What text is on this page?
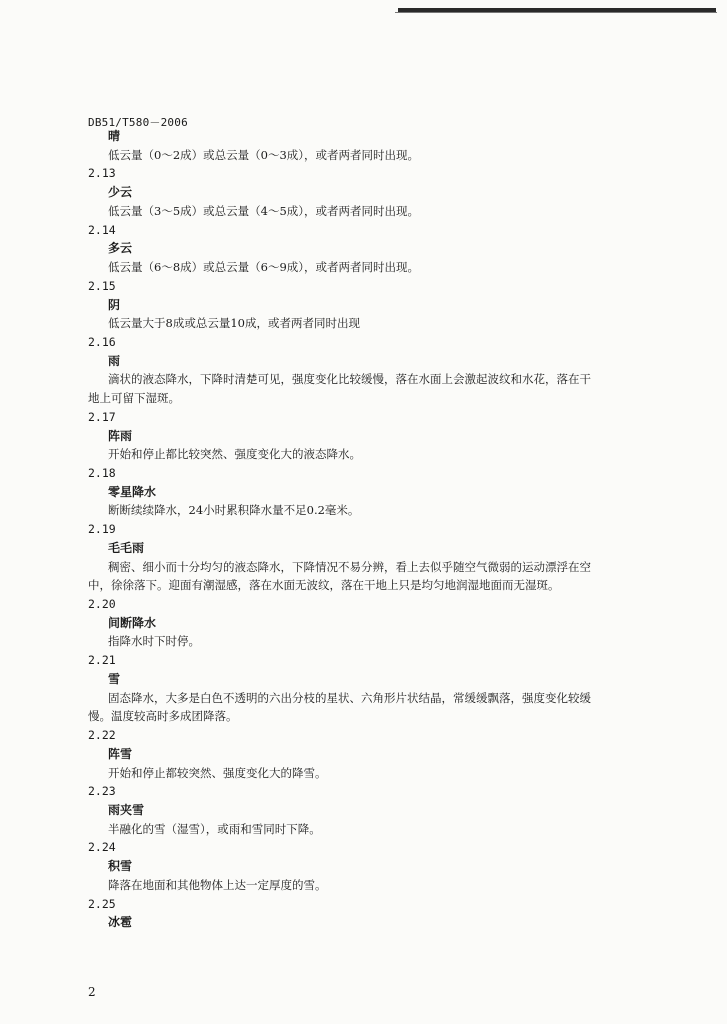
DB51/T580－2006
晴
低云量（0～2成）或总云量（0～3成），或者两者同时出现。
2.13
少云
低云量（3～5成）或总云量（4～5成），或者两者同时出现。
2.14
多云
低云量（6～8成）或总云量（6～9成），或者两者同时出现。
2.15
阴
低云量大于8成或总云量10成，或者两者同时出现
2.16
雨
滴状的液态降水，下降时清楚可见，强度变化比较缓慢，落在水面上会激起波纹和水花，落在干
地上可留下湿斑。
2.17
阵雨
开始和停止都比较突然、强度变化大的液态降水。
2.18
零星降水
断断续续降水，24小时累积降水量不足0.2毫米。
2.19
毛毛雨
稠密、细小而十分均匀的液态降水，下降情况不易分辨，看上去似乎随空气微弱的运动漂浮在空
中，徐徐落下。迎面有潮湿感，落在水面无波纹，落在干地上只是均匀地润湿地面而无湿斑。
2.20
间断降水
指降水时下时停。
2.21
雪
固态降水，大多是白色不透明的六出分枝的星状、六角形片状结晶，常缓缓飘落，强度变化较缓
慢。温度较高时多成团降落。
2.22
阵雪
开始和停止都较突然、强度变化大的降雪。
2.23
雨夹雪
半融化的雪（湿雪），或雨和雪同时下降。
2.24
积雪
降落在地面和其他物体上达一定厚度的雪。
2.25
冰雹
2
